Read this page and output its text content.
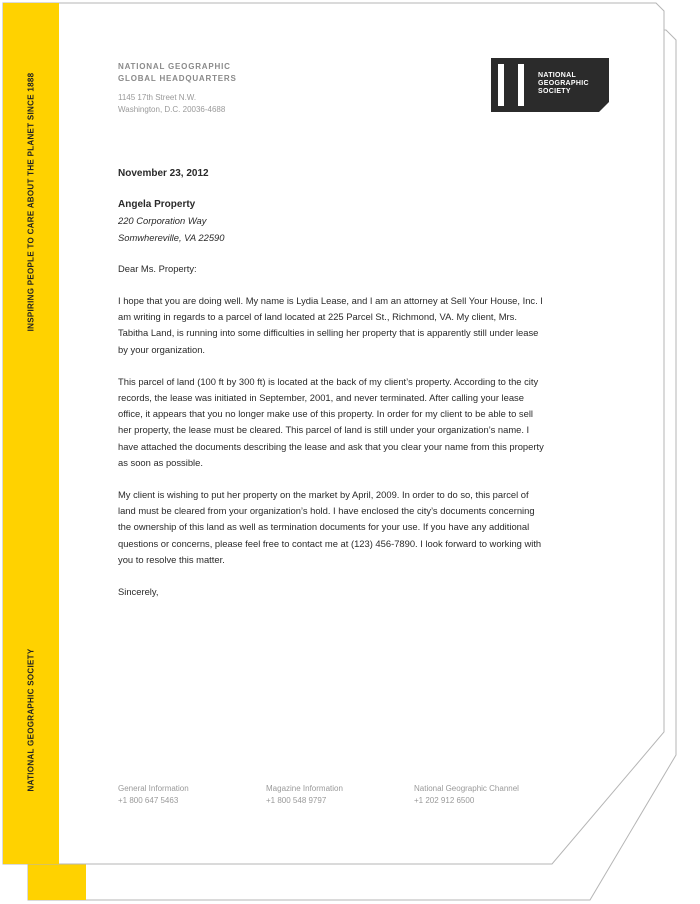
INSPIRING PEOPLE TO CARE ABOUT THE PLANET SINCE 1888
NATIONAL GEOGRAPHIC SOCIETY
NATIONAL GEOGRAPHIC
GLOBAL HEADQUARTERS
1145 17th Street N.W.
Washington, D.C. 20036-4688
NATIONAL
GEOGRAPHIC
SOCIETY
November 23, 2012
Angela Property
220 Corporation Way
Somwhereville, VA 22590
Dear Ms. Property:

I hope that you are doing well. My name is Lydia Lease, and I am an attorney at Sell Your House, Inc. I am writing in regards to a parcel of land located at 225 Parcel St., Richmond, VA. My client, Mrs. Tabitha Land, is running into some difficulties in selling her property that is apparently still under lease by your organization.

This parcel of land (100 ft by 300 ft) is located at the back of my client’s property. According to the city records, the lease was initiated in September, 2001, and never terminated. After calling your lease office, it appears that you no longer make use of this property. In order for my client to be able to sell her property, the lease must be cleared. This parcel of land is still under your organization’s name. I have attached the documents describing the lease and ask that you clear your name from this property as soon as possible.

My client is wishing to put her property on the market by April, 2009. In order to do so, this parcel of land must be cleared from your organization’s hold. I have enclosed the city’s documents concerning the ownership of this land as well as termination documents for your use. If you have any additional questions or concerns, please feel free to contact me at (123) 456-7890. I look forward to working with you to resolve this matter.

Sincerely,
General Information
+1 800 647 5463
Magazine Information
+1 800 548 9797
National Geographic Channel
+1 202 912 6500
